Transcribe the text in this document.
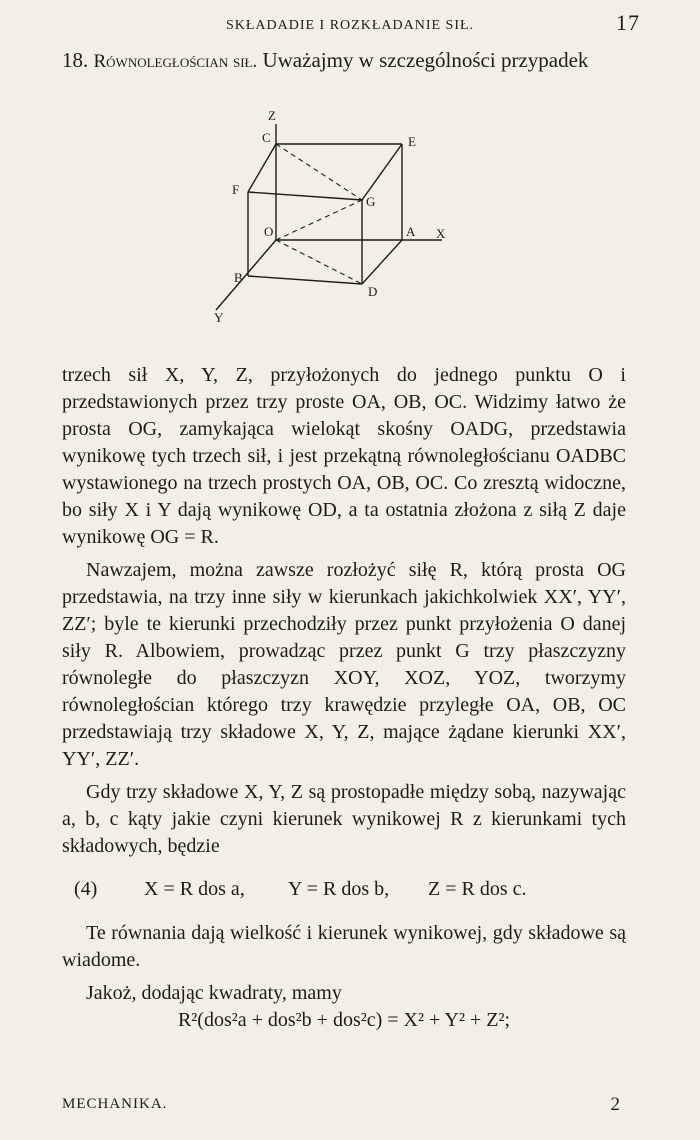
SKŁADADIE I ROZKŁADANIE SIŁ.	17
18. Równoległościan sił. Uważajmy w szczególności przypadek
Z
C	E
F
G
O	A X
B
Y
D

trzech sił X, Y, Z, przyłożonych do jednego punktu O i przedstawionych przez trzy proste OA, OB, OC. Widzimy łatwo że prosta OG, zamykająca wielokąt skośny OADG, przedstawia wynikowę tych trzech sił, i jest przekątną równoległościanu OADBC wystawionego na trzech prostych OA, OB, OC. Co zresztą widoczne, bo siły X i Y dają wynikowę OD, a ta ostatnia złożona z siłą Z daje wynikowę OG = R.

Nawzajem, można zawsze rozłożyć siłę R, którą prosta OG przedstawia, na trzy inne siły w kierunkach jakichkolwiek XX′, YY′, ZZ′; byle te kierunki przechodziły przez punkt przyłożenia O danej siły R. Albowiem, prowadząc przez punkt G trzy płaszczyzny równoległe do płaszczyzn XOY, XOZ, YOZ, tworzymy równoległościan którego trzy krawędzie przyległe OA, OB, OC przedstawiają trzy składowe X, Y, Z, mające żądane kierunki XX′, YY′, ZZ′.

Gdy trzy składowe X, Y, Z są prostopadłe między sobą, nazywając a, b, c kąty jakie czyni kierunek wynikowej R z kierunkami tych składowych, będzie

(4) X = R dos a, Y = R dos b, Z = R dos c.

Te równania dają wielkość i kierunek wynikowej, gdy składowe są wiadome.

Jakoż, dodając kwadraty, mamy

R²(dos²a + dos²b + dos²c) = X² + Y² + Z²;

MECHANIKA.	2
